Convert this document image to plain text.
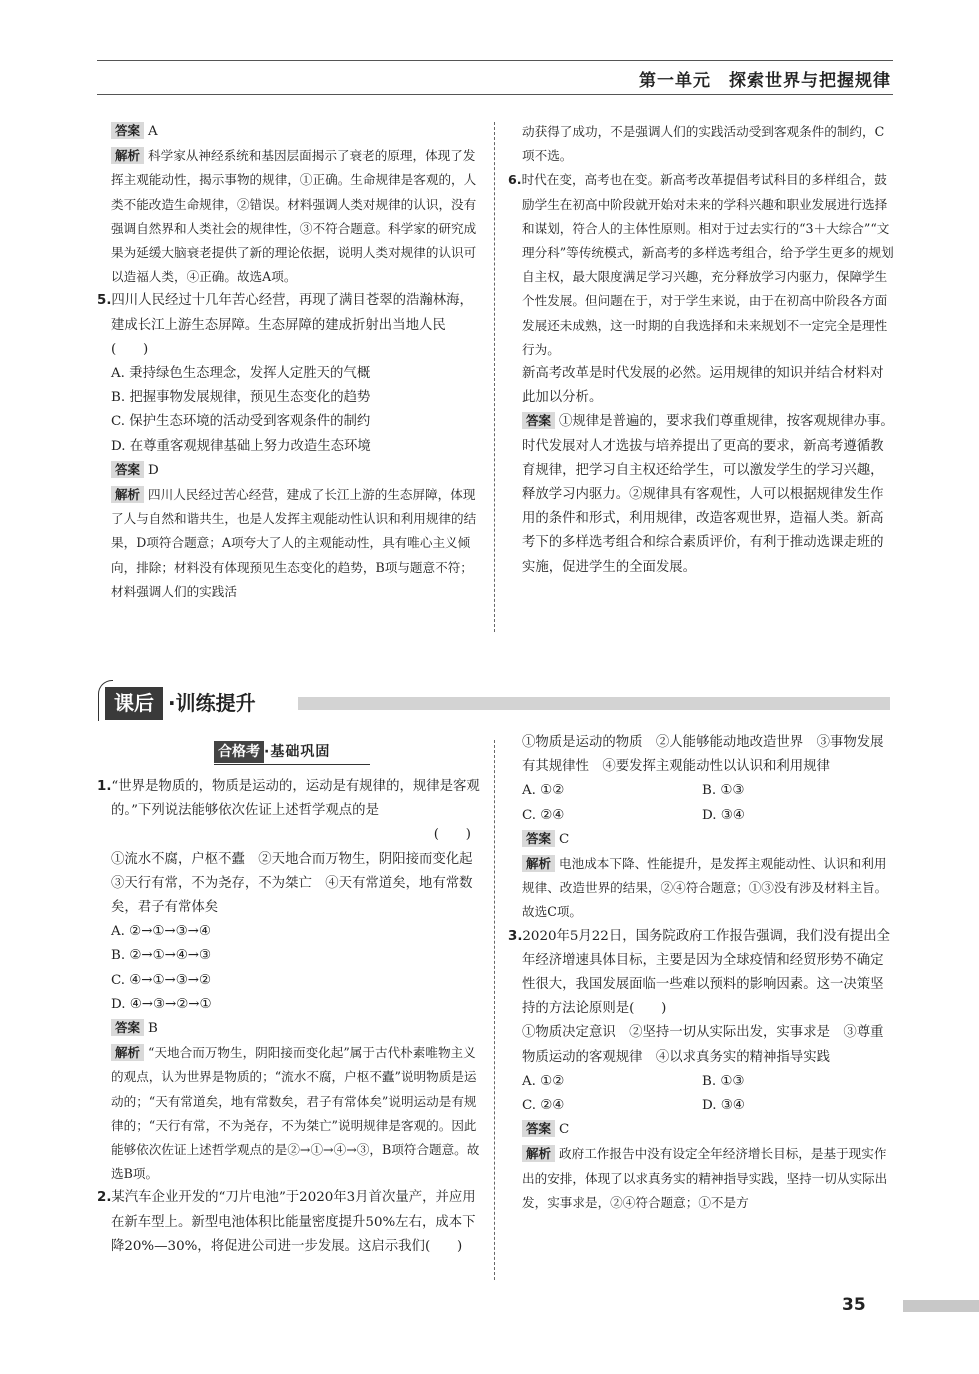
第一单元　探索世界与把握规律

答案 A

解析 科学家从神经系统和基因层面揭示了衰老的原理，体现了发挥主观能动性，揭示事物的规律，①正确。生命规律是客观的，人类不能改造生命规律，②错误。材料强调人类对规律的认识，没有强调自然界和人类社会的规律性，③不符合题意。科学家的研究成果为延缓大脑衰老提供了新的理论依据，说明人类对规律的认识可以造福人类，④正确。故选A项。

5.四川人民经过十几年苦心经营，再现了满目苍翠的浩瀚林海，建成长江上游生态屏障。生态屏障的建成折射出当地人民(　　)

A. 秉持绿色生态理念，发挥人定胜天的气概

B. 把握事物发展规律，预见生态变化的趋势

C. 保护生态环境的活动受到客观条件的制约

D. 在尊重客观规律基础上努力改造生态环境

答案 D

解析 四川人民经过苦心经营，建成了长江上游的生态屏障，体现了人与自然和谐共生，也是人发挥主观能动性认识和利用规律的结果，D项符合题意；A项夸大了人的主观能动性，具有唯心主义倾向，排除；材料没有体现预见生态变化的趋势，B项与题意不符；材料强调人们的实践活

动获得了成功，不是强调人们的实践活动受到客观条件的制约，C项不选。

6.时代在变，高考也在变。新高考改革提倡考试科目的多样组合，鼓励学生在初高中阶段就开始对未来的学科兴趣和职业发展进行选择和谋划，符合人的主体性原则。相对于过去实行的“3＋大综合”“文理分科”等传统模式，新高考的多样选考组合，给予学生更多的规划自主权，最大限度满足学习兴趣，充分释放学习内驱力，保障学生个性发展。但问题在于，对于学生来说，由于在初高中阶段各方面发展还未成熟，这一时期的自我选择和未来规划不一定完全是理性行为。

新高考改革是时代发展的必然。运用规律的知识并结合材料对此加以分析。

答案 ①规律是普遍的，要求我们尊重规律，按客观规律办事。时代发展对人才选拔与培养提出了更高的要求，新高考遵循教育规律，把学习自主权还给学生，可以激发学生的学习兴趣，释放学习内驱力。②规律具有客观性，人可以根据规律发生作用的条件和形式，利用规律，改造客观世界，造福人类。新高考下的多样选考组合和综合素质评价，有利于推动选课走班的实施，促进学生的全面发展。

课后 ·训练提升
合格考 ·基础巩固

1.“世界是物质的，物质是运动的，运动是有规律的，规律是客观的。”下列说法能够依次佐证上述哲学观点的是

(　　)

①流水不腐，户枢不蠹　②天地合而万物生，阴阳接而变化起　③天行有常，不为尧存，不为桀亡　④天有常道矣，地有常数矣，君子有常体矣

A. ②→①→③→④

B. ②→①→④→③

C. ④→①→③→②

D. ④→③→②→①

答案 B

解析 “天地合而万物生，阴阳接而变化起”属于古代朴素唯物主义的观点，认为世界是物质的；“流水不腐，户枢不蠹”说明物质是运动的；“天有常道矣，地有常数矣，君子有常体矣”说明运动是有规律的；“天行有常，不为尧存，不为桀亡”说明规律是客观的。因此能够依次佐证上述哲学观点的是②→①→④→③，B项符合题意。故选B项。

2.某汽车企业开发的“刀片电池”于2020年3月首次量产，并应用在新车型上。新型电池体积比能量密度提升50%左右，成本下降20%—30%，将促进公司进一步发展。这启示我们(　　)

①物质是运动的物质　②人能够能动地改造世界　③事物发展有其规律性　④要发挥主观能动性以认识和利用规律

A. ①②	B. ①③
C. ②④	D. ③④

答案 C

解析 电池成本下降、性能提升，是发挥主观能动性、认识和利用规律、改造世界的结果，②④符合题意；①③没有涉及材料主旨。故选C项。

3.2020年5月22日，国务院政府工作报告强调，我们没有提出全年经济增速具体目标，主要是因为全球疫情和经贸形势不确定性很大，我国发展面临一些难以预料的影响因素。这一决策坚持的方法论原则是(　　)

①物质决定意识　②坚持一切从实际出发，实事求是　③尊重物质运动的客观规律　④以求真务实的精神指导实践

A. ①②	B. ①③
C. ②④	D. ③④

答案 C

解析 政府工作报告中没有设定全年经济增长目标，是基于现实作出的安排，体现了以求真务实的精神指导实践，坚持一切从实际出发，实事求是，②④符合题意；①不是方

35
